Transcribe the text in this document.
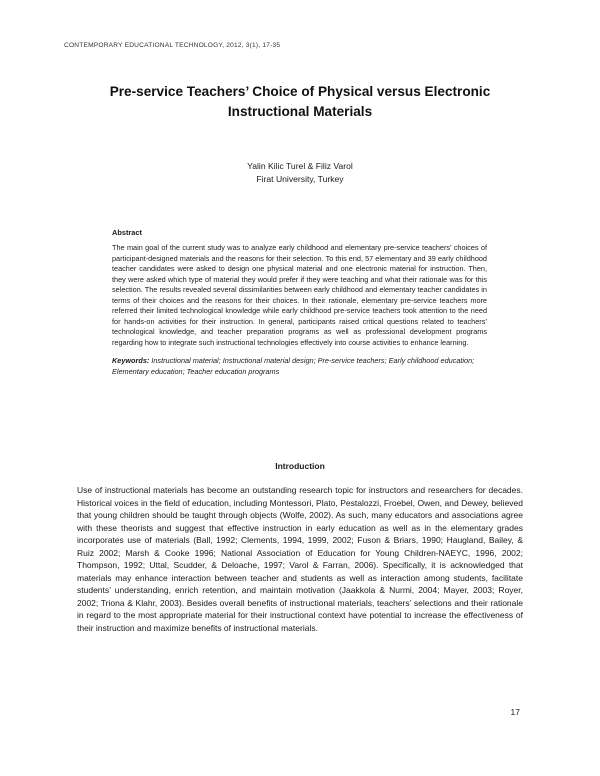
CONTEMPORARY EDUCATIONAL TECHNOLOGY, 2012, 3(1), 17-35
Pre-service Teachers’ Choice of Physical versus Electronic Instructional Materials
Yalin Kilic Turel & Filiz Varol
Firat University, Turkey
Abstract

The main goal of the current study was to analyze early childhood and elementary pre-service teachers’ choices of participant-designed materials and the reasons for their selection. To this end, 57 elementary and 39 early childhood teacher candidates were asked to design one physical material and one electronic material for instruction. Then, they were asked which type of material they would prefer if they were teaching and what their rationale was for this selection. The results revealed several dissimilarities between early childhood and elementary teacher candidates in terms of their choices and the reasons for their choices. In their rationale, elementary pre-service teachers more referred their limited technological knowledge while early childhood pre-service teachers took attention to the need for hands-on activities for their instruction. In general, participants raised critical questions related to teachers’ technological knowledge, and teacher preparation programs as well as professional development programs regarding how to integrate such instructional technologies effectively into course activities to enhance learning.

Keywords: Instructional material; Instructional material design; Pre-service teachers; Early childhood education; Elementary education; Teacher education programs

Introduction

Use of instructional materials has become an outstanding research topic for instructors and researchers for decades. Historical voices in the field of education, including Montessori, Plato, Pestalozzi, Froebel, Owen, and Dewey, believed that young children should be taught through objects (Wolfe, 2002). As such, many educators and associations agree with these theorists and suggest that effective instruction in early education as well as in the elementary grades incorporates use of materials (Ball, 1992; Clements, 1994, 1999, 2002; Fuson & Briars, 1990; Haugland, Bailey, & Ruiz 2002; Marsh & Cooke 1996; National Association of Education for Young Children-NAEYC, 1996, 2002; Thompson, 1992; Uttal, Scudder, & Deloache, 1997; Varol & Farran, 2006). Specifically, it is acknowledged that materials may enhance interaction between teacher and students as well as interaction among students, facilitate students’ understanding, enrich retention, and maintain motivation (Jaakkola & Nurmi, 2004; Mayer, 2003; Royer, 2002; Triona & Klahr, 2003). Besides overall benefits of instructional materials, teachers’ selections and their rationale in regard to the most appropriate material for their instructional context have potential to increase the effectiveness of their instruction and maximize benefits of instructional materials.

17
